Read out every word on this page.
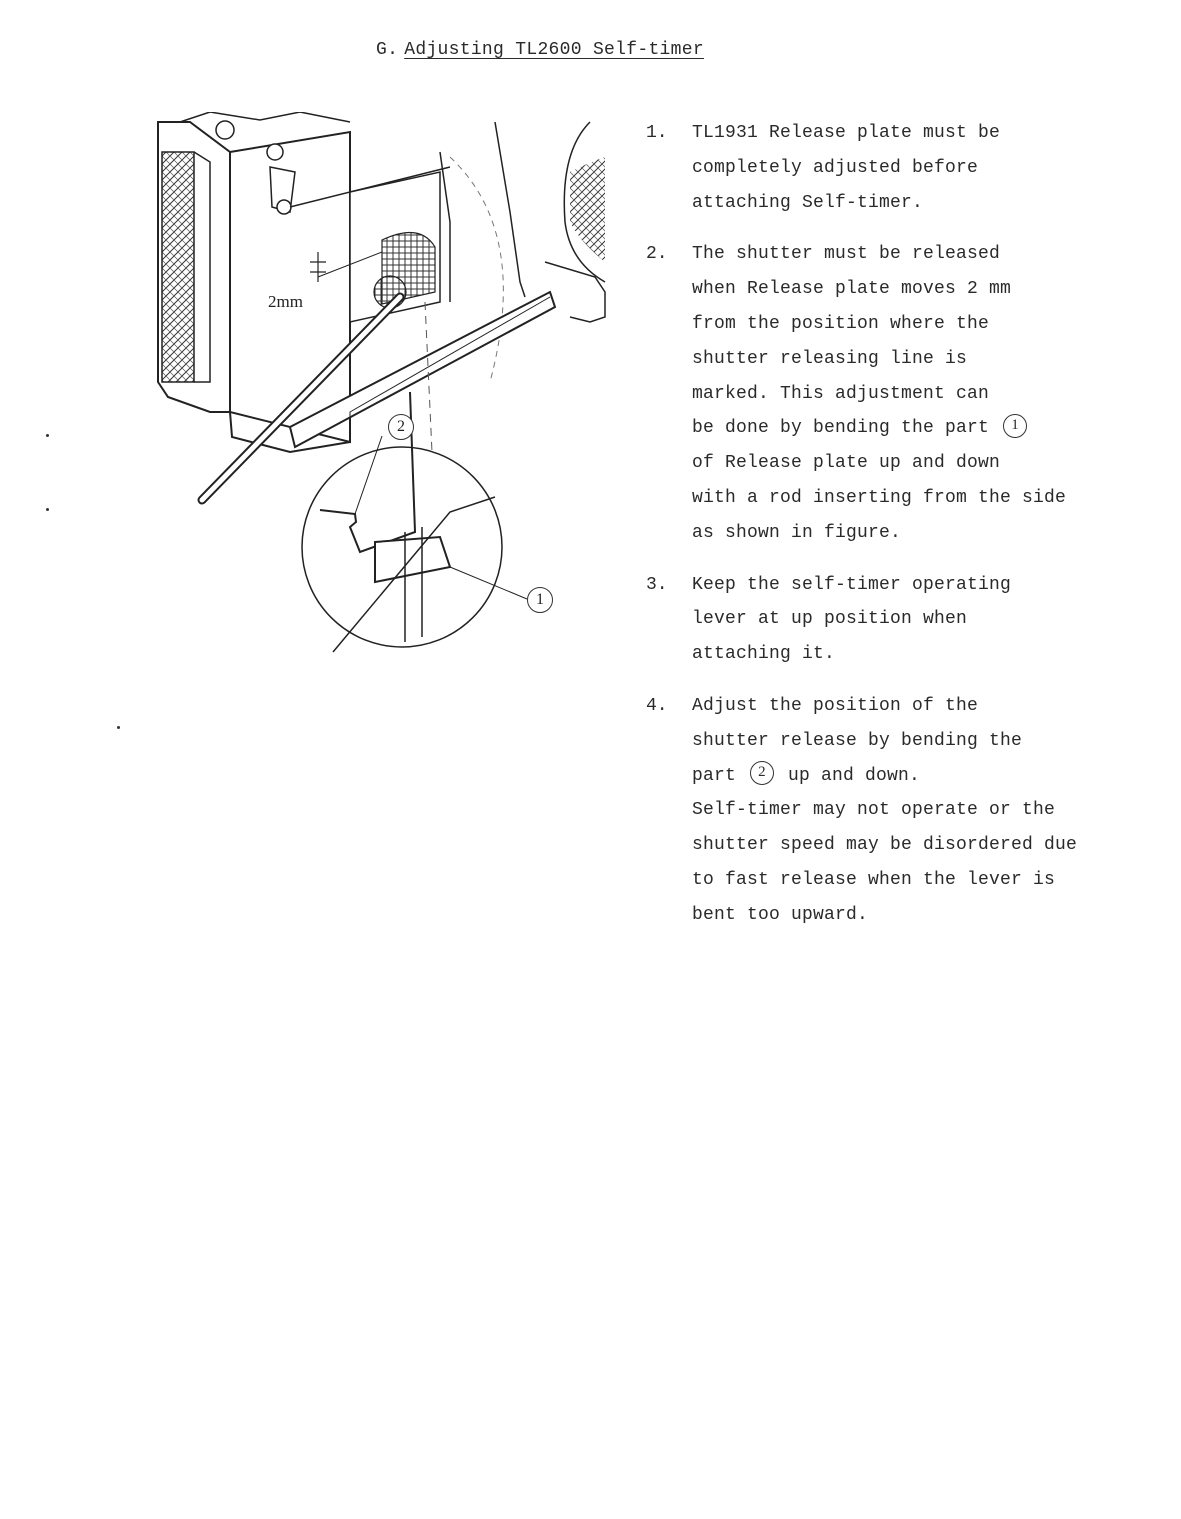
G. Adjusting TL2600 Self-timer
2mm
2
1
1. TL1931 Release plate must be
completely adjusted before
attaching Self-timer.
2. The shutter must be released
when Release plate moves 2 mm
from the position where the
shutter releasing line is
marked. This adjustment can
be done by bending the part 1
of Release plate up and down
with a rod inserting from the side
as shown in figure.
3. Keep the self-timer operating
lever at up position when
attaching it.
4. Adjust the position of the
shutter release by bending the
part 2 up and down.
Self-timer may not operate or the
shutter speed may be disordered due
to fast release when the lever is
bent too upward.
